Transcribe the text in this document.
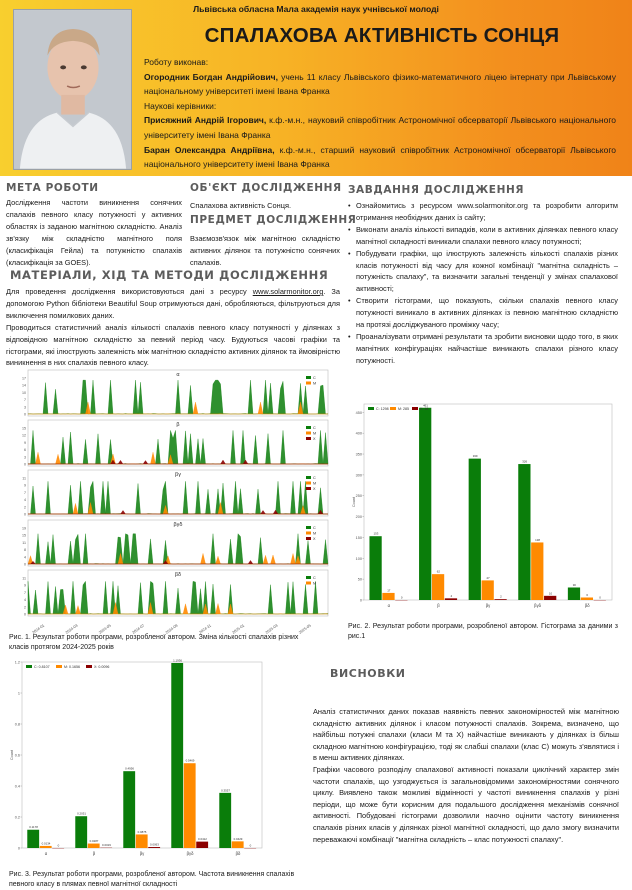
Львівська обласна Мала академія наук учнівської молоді
СПАЛАХОВА АКТИВНІСТЬ СОНЦЯ
Роботу виконав:
Огородник Богдан Андрійович, учень 11 класу Львівського фізико-математичного ліцею інтернату при Львівському національному університеті імені Івана Франка
Наукові керівники:
Присяжний Андрій Ігорович, к.ф.-м.н., науковий співробітник Астрономічної обсерваторії Львівського національного університету імені Івана Франка
Баран Олександра Андріївна, к.ф.-м.н., старший науковий співробітник Астрономічної обсерваторії Львівського національного університету імені Івана Франка
МЕТА РОБОТИ
Дослідження частоти виникнення сонячних спалахів певного класу потужності у активних областях із заданою магнітною складністю. Аналіз зв'язку між складністю магнітного поля (класифікація Гейла) та потужністю спалахів (класифікація за GOES).
ОБ'ЄКТ ДОСЛІДЖЕННЯ
Спалахова активність Сонця.
ПРЕДМЕТ ДОСЛІДЖЕННЯ
Взаємозв'язок між магнітною складністю активних ділянок та потужністю сонячних спалахів.
ЗАВДАННЯ ДОСЛІДЖЕННЯ
• Ознайомитись з ресурсом www.solarmonitor.org та розробити алгоритм отримання необхідних даних із сайту;
• Виконати аналіз кількості випадків, коли в активних ділянках певного класу магнітної складності виникали спалахи певного класу потужності;
• Побудувати графіки, що ілюструють залежність кількості спалахів різних класів потужності від часу для кожної комбінації "магнітна складність – потужність спалаху", та визначити загальні тенденції у змінах спалахової активності;
• Створити гістограми, що показують, скільки спалахів певного класу потужності виникало в активних ділянках із певною магнітною складністю на протязі досліджуваного проміжку часу;
• Проаналізувати отримані результати та зробити висновки щодо того, в яких магнітних конфігураціях найчастіше виникають спалахи різного класу потужності.
МАТЕРІАЛИ, ХІД ТА МЕТОДИ ДОСЛІДЖЕННЯ
Для проведення дослідження використовуються дані з ресурсу www.solarmonitor.org. За допомогою Python бібліотеки Beautiful Soup отримуються дані, обробляються, фільтруються для виключення помилкових даних.
Проводиться статистичний аналіз кількості спалахів певного класу потужності у ділянках з відповідною магнітною складністю за певний період часу. Будуються часові графіки та гістограми, які ілюструють залежність між магнітною складністю активних ділянок та ймовірністю виникнення в них спалахів певного класу.
α
0
3
7
10
14
17	C
M
β
0
3
6
9
12
15	C
M
X
βγ
0
2
4
7
9
11	C
M
X
βγδ
0
4
8
11
15
19	C
M
X
βδ
0
2
4
7
9
11	C
M
2024-01	2024-03	2024-05	2024-07	2024-09	2024-11	2025-01	2025-03	2025-05
Рис. 1. Результат роботи програми, розробленої автором. Зміна кількості спалахів різних класів протягом 2024-2025 років
0
50
100
150
200
250
300
350
400
450
Count
153
17
0
α
461
62
4
β
339
47
2
βγ
326
138
10
βγδ
30
6
0
βδ
C: 1298	M: 285	X: 18
Рис. 2. Результат роботи програми, розробленої автором. Гістограма за даними з рис.1
0
0.2
0.4
0.6
0.8
1
1.2
Count
0.1178
0.0134
0
α
0.2051
0.0287
0.0019
β
0.4956
0.0875
0.0063
βγ
1.1936
0.5469
0.0412
βγδ
0.3557
0.0429
0
βδ
C: 0.8107	M: 0.1656	X: 0.0096
Рис. 3. Результат роботи програми, розробленої автором. Частота виникнення спалахів певного класу в плямах певної магнітної складності
ВИСНОВКИ
Аналіз статистичних даних показав наявність певних закономірностей між магнітною складністю активних ділянок і класом потужності спалахів. Зокрема, визначено, що найбільш потужні спалахи (класи M та X) найчастіше виникають у ділянках із більш складною магнітною конфігурацією, тоді як слабші спалахи (клас C) можуть з'являтися і в менш активних ділянках.
Графіки часового розподілу спалахової активності показали циклічний характер змін частоти спалахів, що узгоджується із загальновідомими закономірностями сонячного циклу. Виявлено також можливі відмінності у частоті виникнення спалахів у різні періоди, що може бути корисним для подальшого дослідження механізмів сонячної активності. Побудовані гістограми дозволили наочно оцінити частоту виникнення спалахів різних класів у ділянках різної магнітної складності, що дало змогу визначити переважаючі комбінації "магнітна складність – клас потужності спалаху".
